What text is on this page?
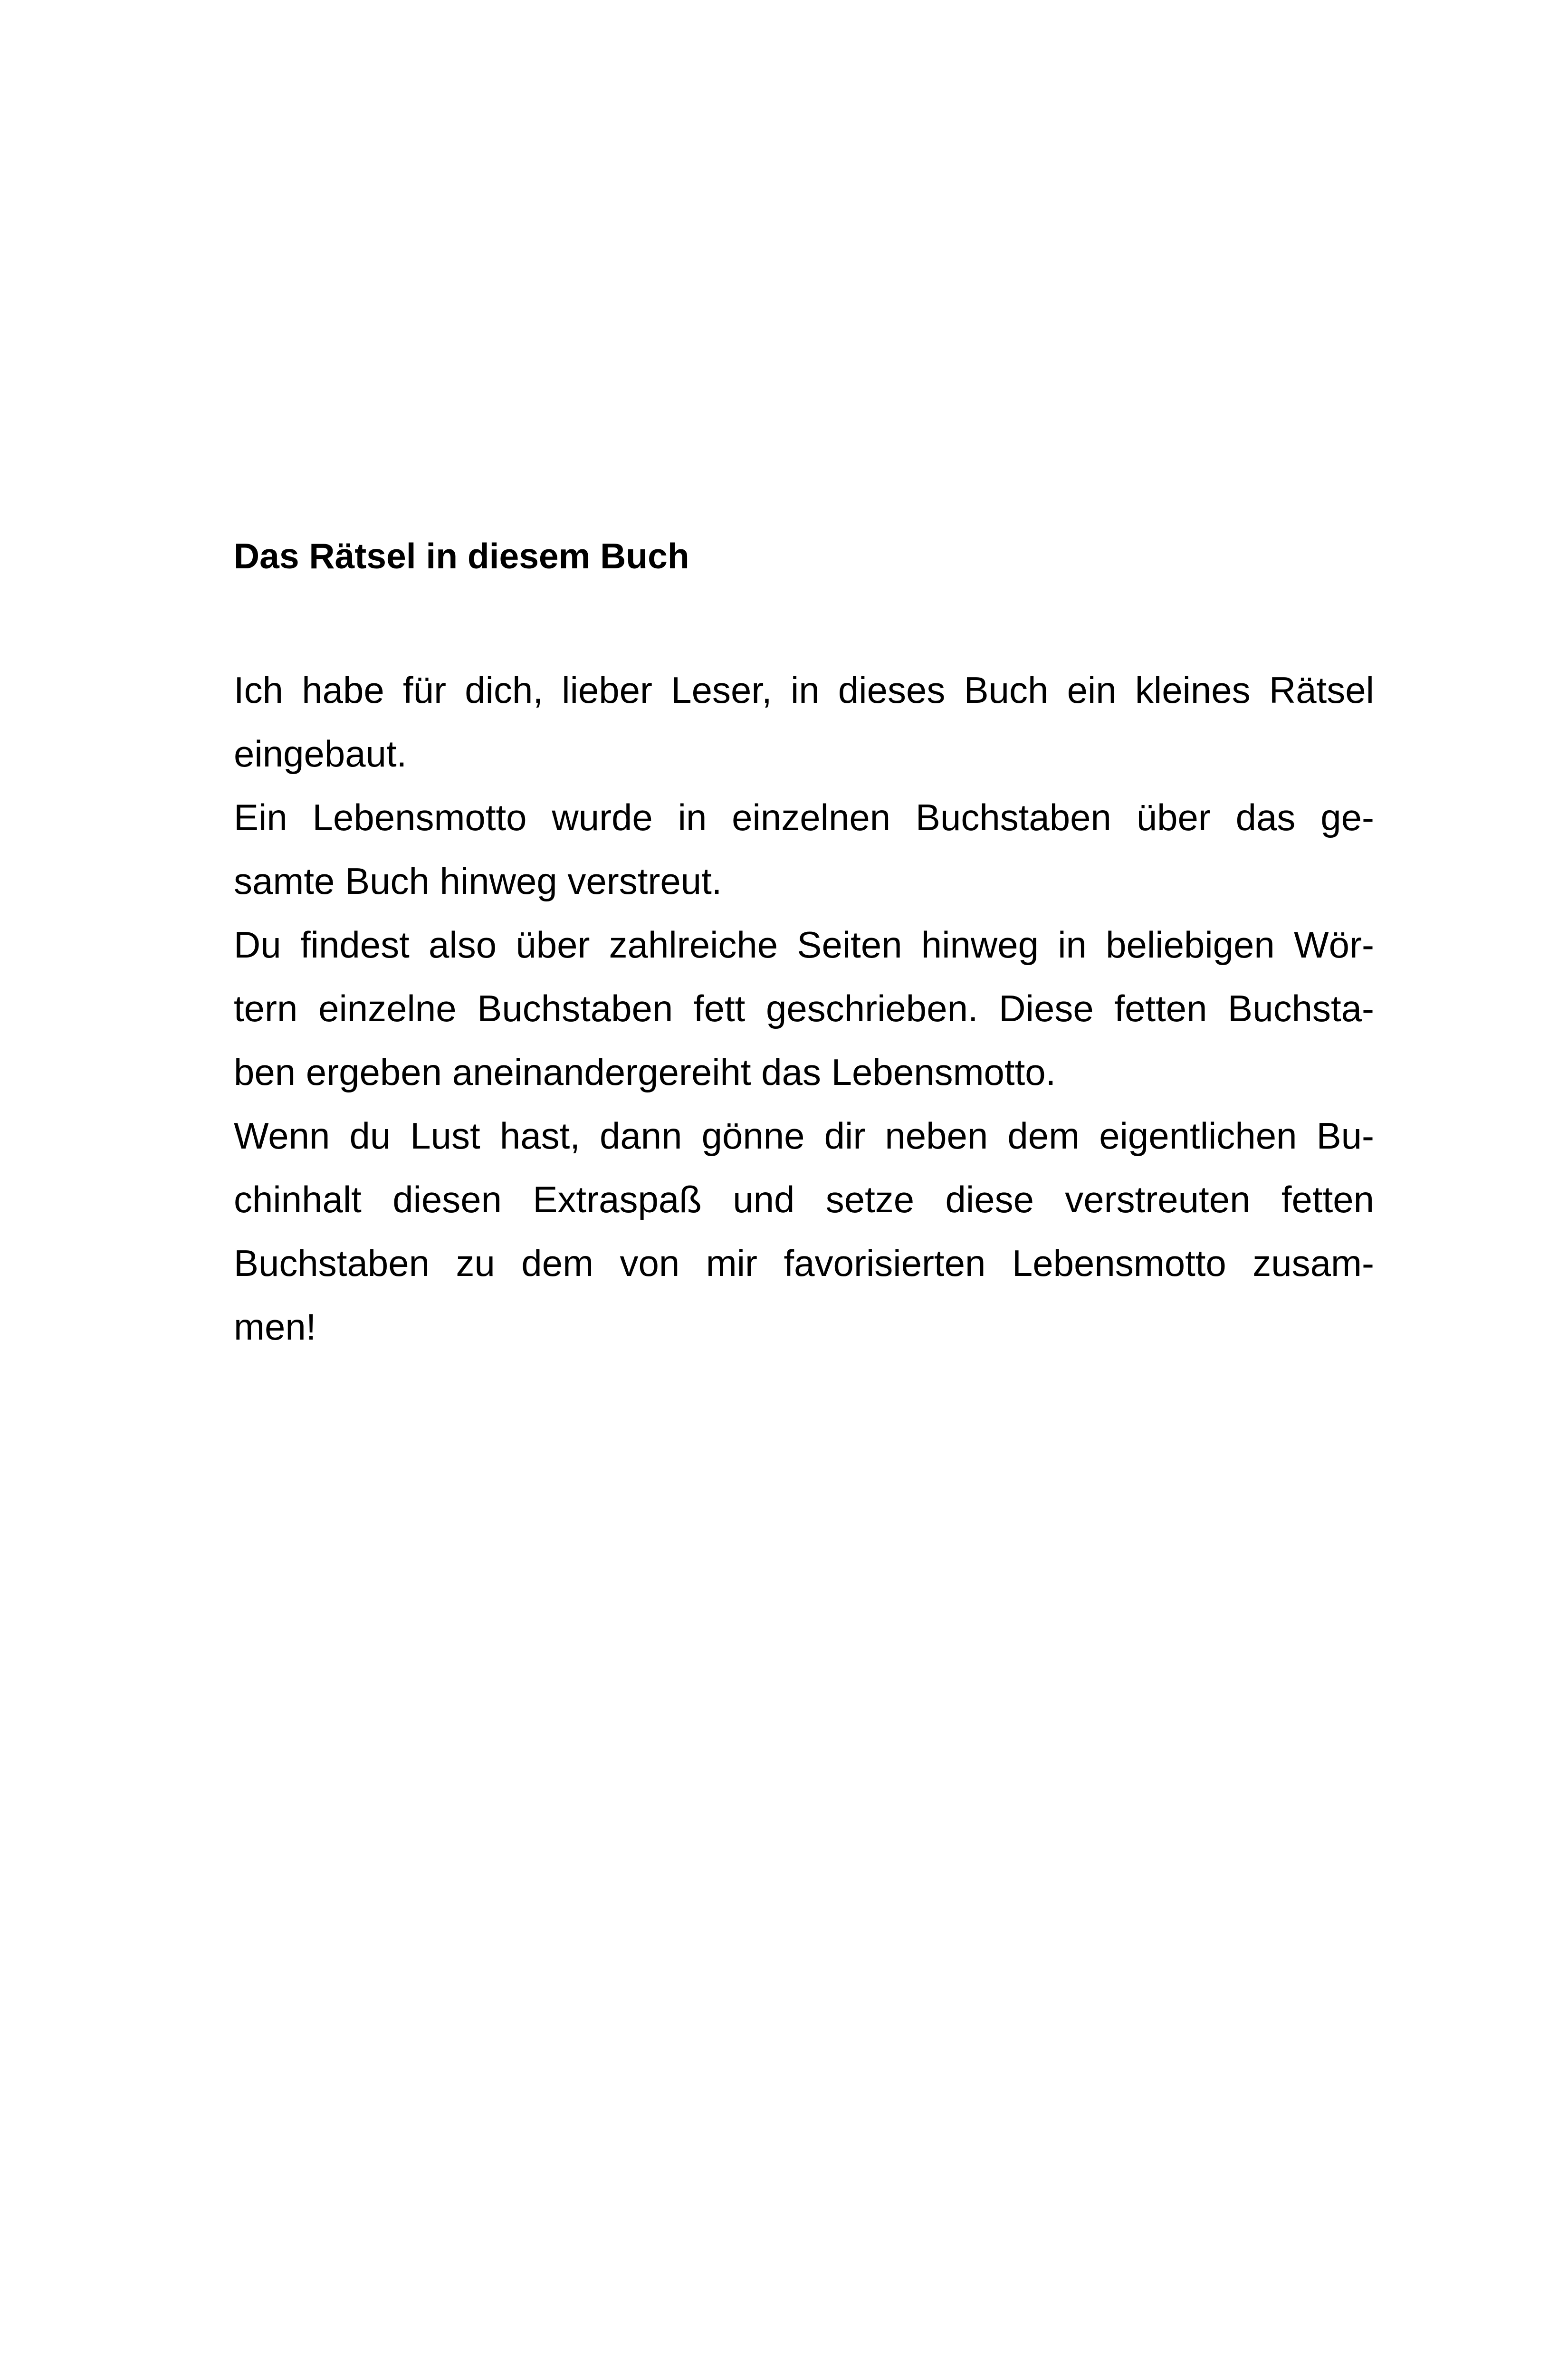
Das Rätsel in diesem Buch
Ich habe für dich, lieber Leser, in dieses Buch ein kleines Rätsel
eingebaut.
Ein Lebensmotto wurde in einzelnen Buchstaben über das ge-
samte Buch hinweg verstreut.
Du findest also über zahlreiche Seiten hinweg in beliebigen Wör-
tern einzelne Buchstaben fett geschrieben. Diese fetten Buchsta-
ben ergeben aneinandergereiht das Lebensmotto.
Wenn du Lust hast, dann gönne dir neben dem eigentlichen Bu-
chinhalt diesen Extraspaß und setze diese verstreuten fetten
Buchstaben zu dem von mir favorisierten Lebensmotto zusam-
men!
